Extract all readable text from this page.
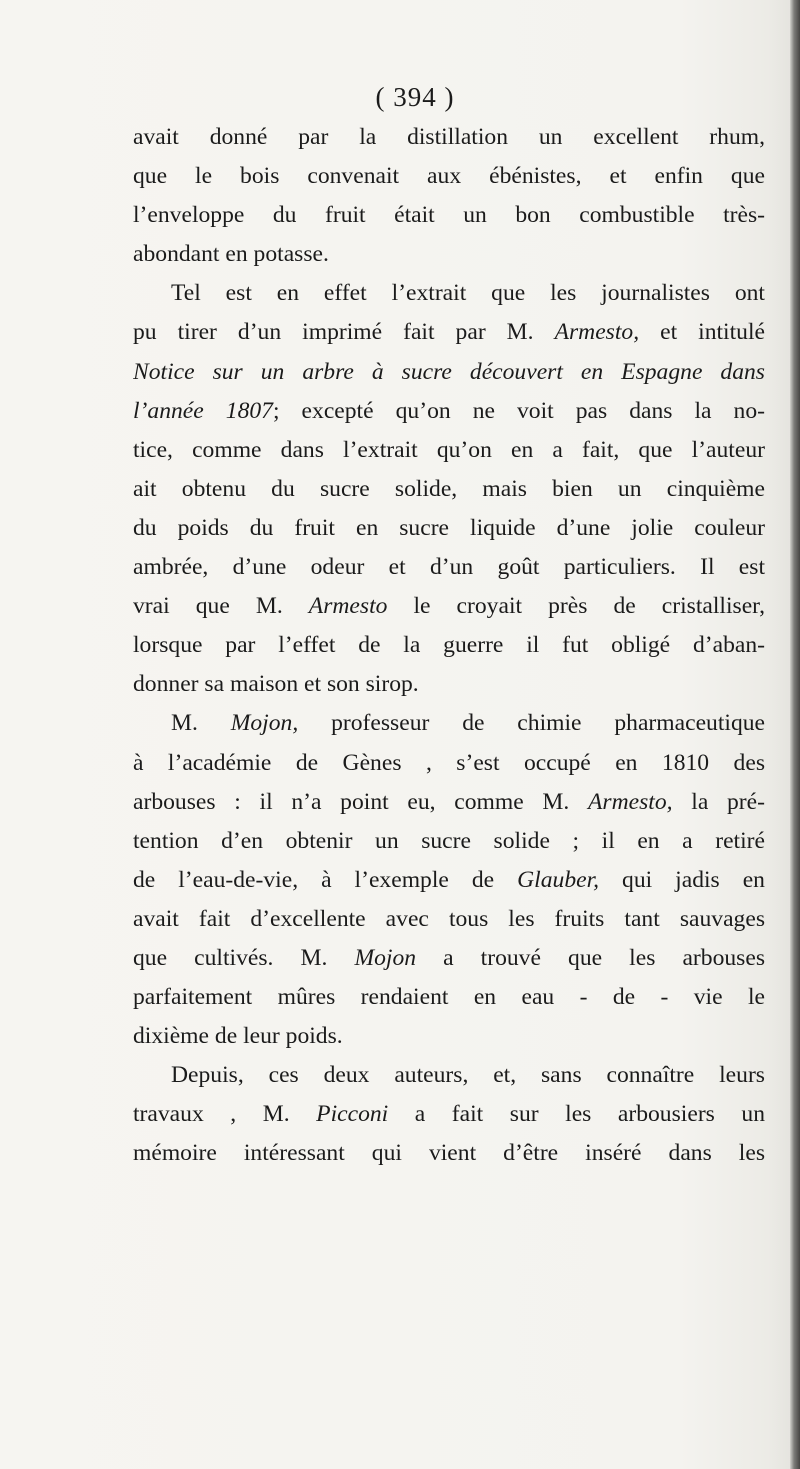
( 394 )
avait donné par la distillation un excellent rhum,
que le bois convenait aux ébénistes, et enfin que
l’enveloppe du fruit était un bon combustible très-
abondant en potasse.
Tel est en effet l’extrait que les journalistes ont
pu tirer d’un imprimé fait par M. Armesto, et intitulé
Notice sur un arbre à sucre découvert en Espagne dans
l’année 1807; excepté qu’on ne voit pas dans la no-
tice, comme dans l’extrait qu’on en a fait, que l’auteur
ait obtenu du sucre solide, mais bien un cinquième
du poids du fruit en sucre liquide d’une jolie couleur
ambrée, d’une odeur et d’un goût particuliers. Il est
vrai que M. Armesto le croyait près de cristalliser,
lorsque par l’effet de la guerre il fut obligé d’aban-
donner sa maison et son sirop.
M. Mojon, professeur de chimie pharmaceutique
à l’académie de Gènes , s’est occupé en 1810 des
arbouses : il n’a point eu, comme M. Armesto, la pré-
tention d’en obtenir un sucre solide ; il en a retiré
de l’eau-de-vie, à l’exemple de Glauber, qui jadis en
avait fait d’excellente avec tous les fruits tant sauvages
que cultivés. M. Mojon a trouvé que les arbouses
parfaitement mûres rendaient en eau - de - vie le
dixième de leur poids.
Depuis, ces deux auteurs, et, sans connaître leurs
travaux , M. Picconi a fait sur les arbousiers un
mémoire intéressant qui vient d’être inséré dans les
